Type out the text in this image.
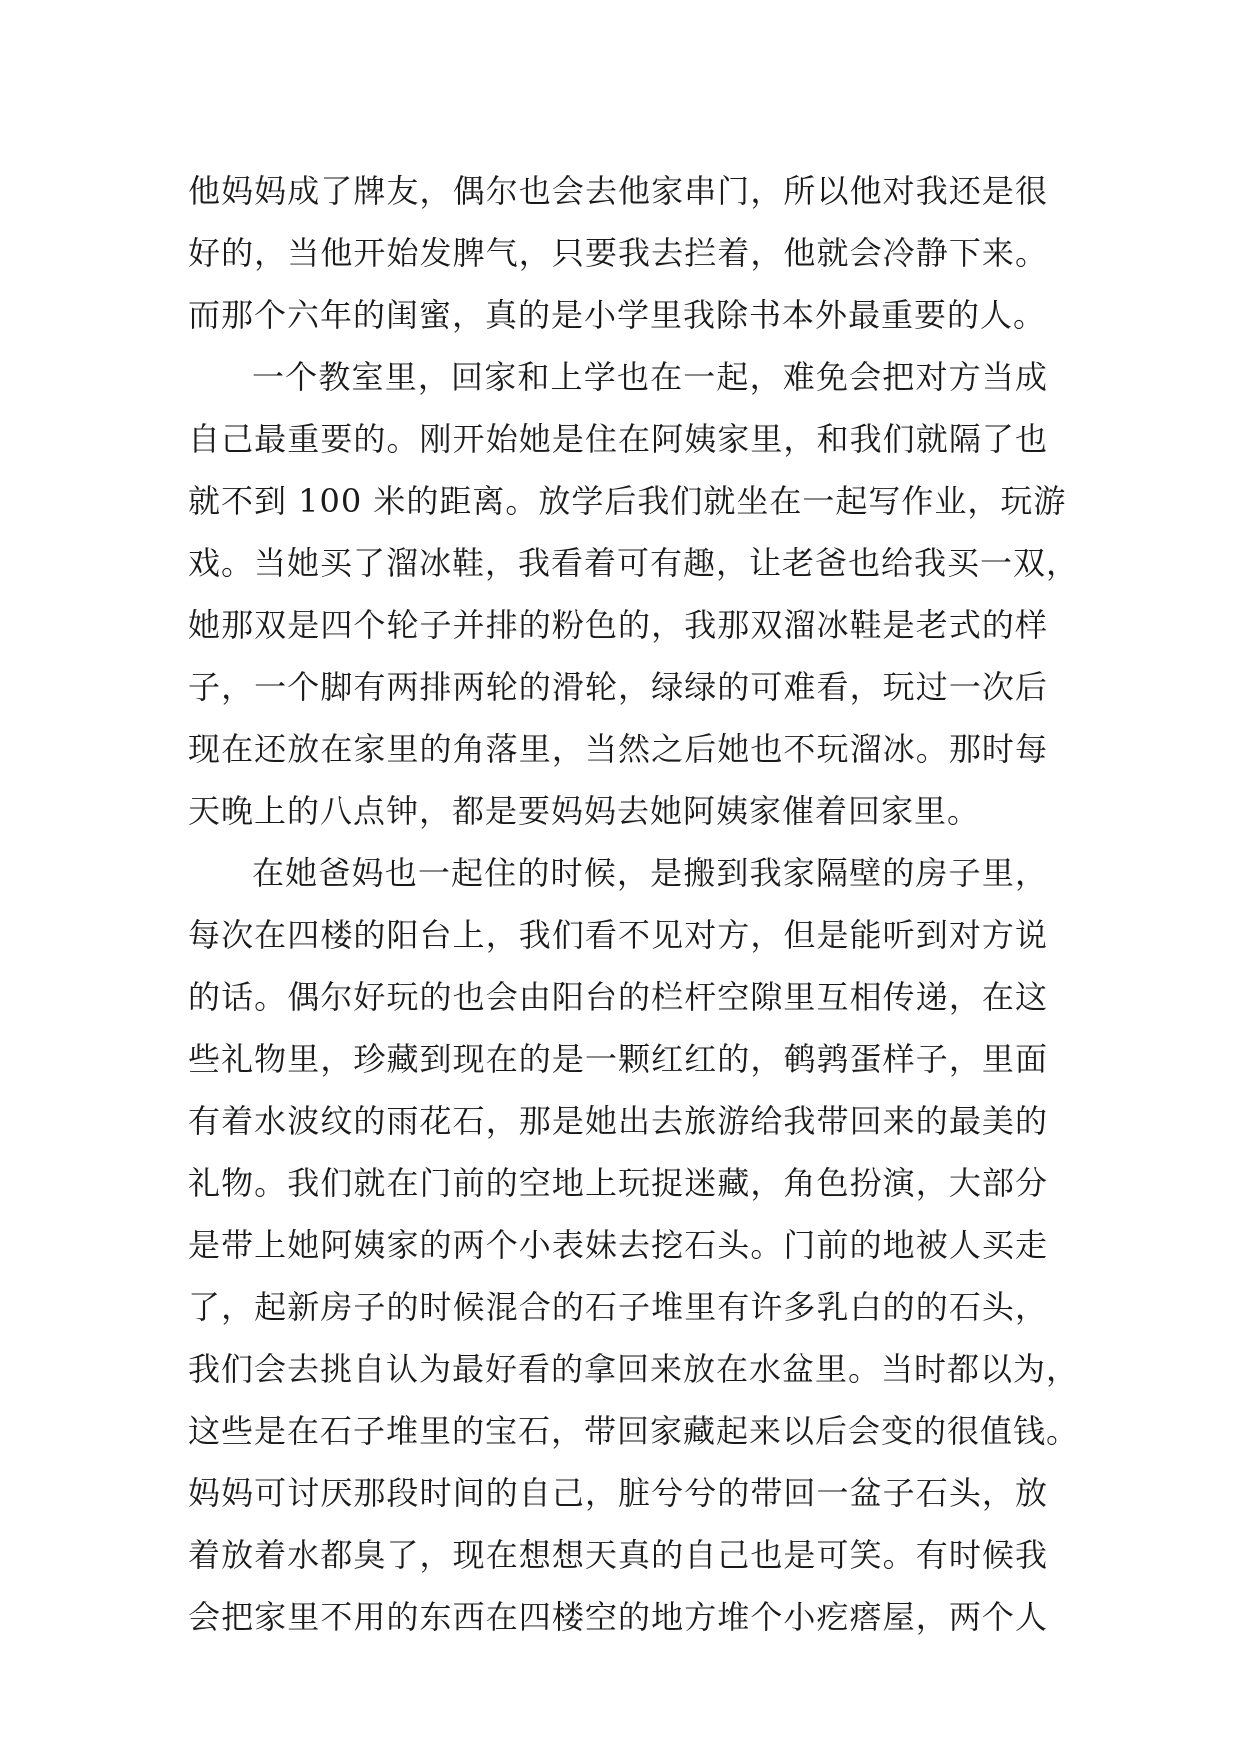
他妈妈成了牌友，偶尔也会去他家串门，所以他对我还是很
好的，当他开始发脾气，只要我去拦着，他就会冷静下来。
而那个六年的闺蜜，真的是小学里我除书本外最重要的人。
一个教室里，回家和上学也在一起，难免会把对方当成
自己最重要的。刚开始她是住在阿姨家里，和我们就隔了也
就不到 100 米的距离。放学后我们就坐在一起写作业，玩游
戏。当她买了溜冰鞋，我看着可有趣，让老爸也给我买一双，
她那双是四个轮子并排的粉色的，我那双溜冰鞋是老式的样
子，一个脚有两排两轮的滑轮，绿绿的可难看，玩过一次后
现在还放在家里的角落里，当然之后她也不玩溜冰。那时每
天晚上的八点钟，都是要妈妈去她阿姨家催着回家里。
在她爸妈也一起住的时候，是搬到我家隔壁的房子里，
每次在四楼的阳台上，我们看不见对方，但是能听到对方说
的话。偶尔好玩的也会由阳台的栏杆空隙里互相传递，在这
些礼物里，珍藏到现在的是一颗红红的，鹌鹑蛋样子，里面
有着水波纹的雨花石，那是她出去旅游给我带回来的最美的
礼物。我们就在门前的空地上玩捉迷藏，角色扮演，大部分
是带上她阿姨家的两个小表妹去挖石头。门前的地被人买走
了，起新房子的时候混合的石子堆里有许多乳白的的石头，
我们会去挑自认为最好看的拿回来放在水盆里。当时都以为，
这些是在石子堆里的宝石，带回家藏起来以后会变的很值钱。
妈妈可讨厌那段时间的自己，脏兮兮的带回一盆子石头，放
着放着水都臭了，现在想想天真的自己也是可笑。有时候我
会把家里不用的东西在四楼空的地方堆个小疙瘩屋，两个人
